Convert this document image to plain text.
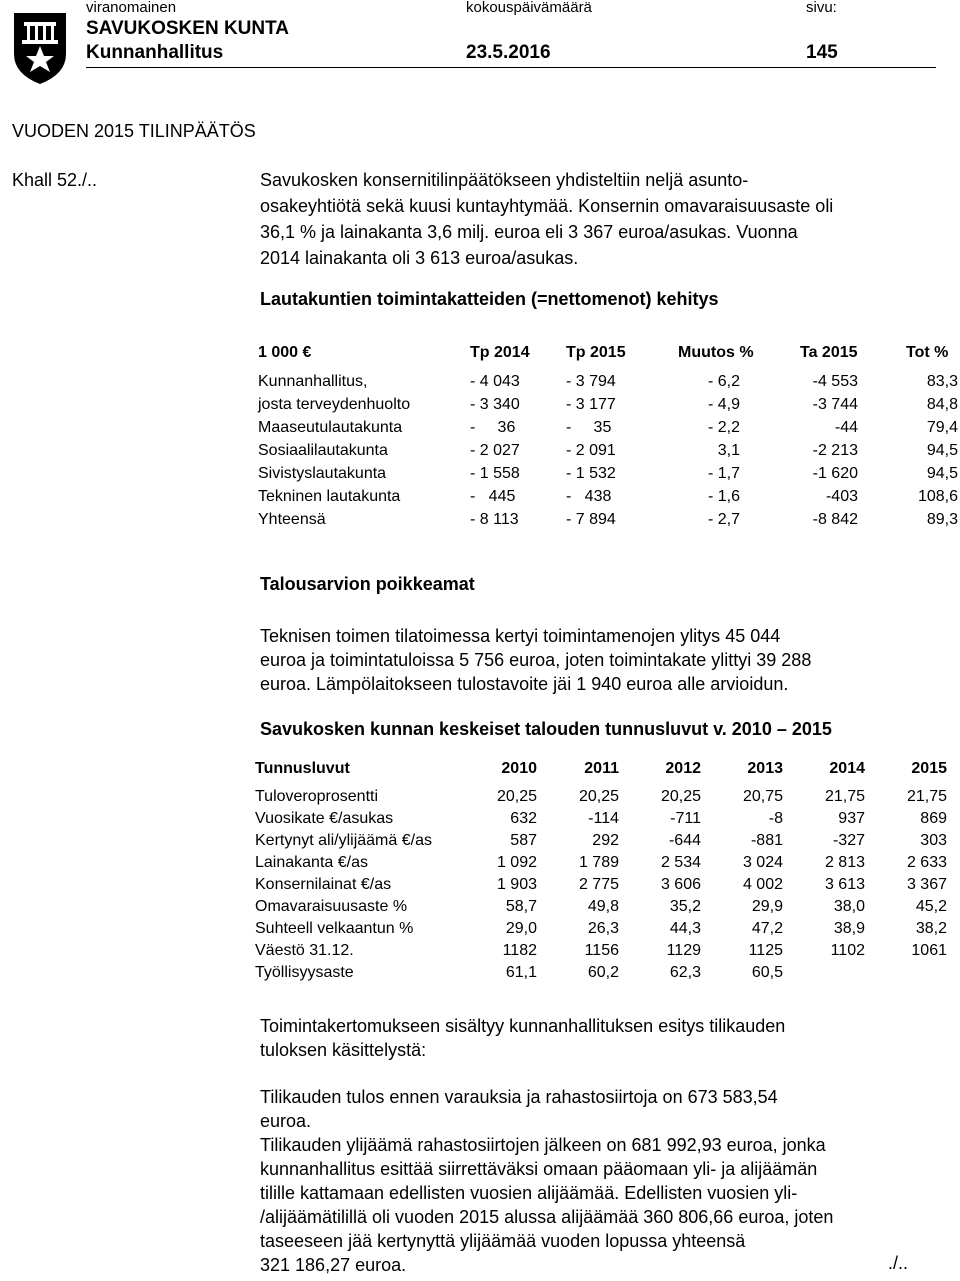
viranomainen	kokouspäivämäärä	sivu:
SAVUKOSKEN KUNTA
Kunnanhallitus	23.5.2016	145
VUODEN 2015 TILINPÄÄTÖS
Khall 52./..	Savukosken konsernitilinpäätökseen yhdisteltiin neljä asunto-
osakeyhtiötä sekä kuusi kuntayhtymää. Konsernin omavaraisuusaste oli
36,1 % ja lainakanta 3,6 milj. euroa eli 3 367 euroa/asukas. Vuonna
2014 lainakanta oli 3 613 euroa/asukas.
Lautakuntien toimintakatteiden (=nettomenot) kehitys
1 000 €	Tp 2014 Tp 2015	Muutos %	Ta 2015	Tot %
Kunnanhallitus,	- 4 043	- 3 794	- 6,2	-4 553	83,3
josta terveydenhuolto	- 3 340	- 3 177	- 4,9	-3 744	84,8
Maaseutulautakunta	-     36	-     35	- 2,2	-44	79,4
Sosiaalilautakunta	- 2 027	- 2 091	3,1	-2 213	94,5
Sivistyslautakunta	- 1 558	- 1 532	- 1,7	-1 620	94,5
Tekninen lautakunta	-   445	-   438	- 1,6	-403	108,6
Yhteensä	- 8 113	- 7 894	- 2,7	-8 842	89,3
Talousarvion poikkeamat
Teknisen toimen tilatoimessa kertyi toimintamenojen ylitys 45 044
euroa ja toimintatuloissa 5 756 euroa, joten toimintakate ylittyi 39 288
euroa. Lämpölaitokseen tulostavoite jäi 1 940 euroa alle arvioidun.
Savukosken kunnan keskeiset talouden tunnusluvut v. 2010 – 2015
Tunnusluvut	2010	2011	2012	2013	2014	2015
Tuloveroprosentti	20,25	20,25	20,25	20,75	21,75	21,75
Vuosikate €/asukas	632	-114	-711	-8	937	869
Kertynyt ali/ylijäämä €/as	587	292	-644	-881	-327	303
Lainakanta €/as	1 092	1 789	2 534	3 024	2 813	2 633
Konsernilainat €/as	1 903	2 775	3 606	4 002	3 613	3 367
Omavaraisuusaste %	58,7	49,8	35,2	29,9	38,0	45,2
Suhteell velkaantun %	29,0	26,3	44,3	47,2	38,9	38,2
Väestö 31.12.	1182	1156	1129	1125	1102	1061
Työllisyysaste	61,1	60,2	62,3	60,5
Toimintakertomukseen sisältyy kunnanhallituksen esitys tilikauden
tuloksen käsittelystä:
Tilikauden tulos ennen varauksia ja rahastosiirtoja on 673 583,54
euroa.
Tilikauden ylijäämä rahastosiirtojen jälkeen on 681 992,93 euroa, jonka
kunnanhallitus esittää siirrettäväksi omaan pääomaan yli- ja alijäämän
tilille kattamaan edellisten vuosien alijäämää. Edellisten vuosien yli-
/alijäämätilillä oli vuoden 2015 alussa alijäämää 360 806,66 euroa, joten
taseeseen jää kertynyttä ylijäämää vuoden lopussa yhteensä
321 186,27 euroa.	./..
